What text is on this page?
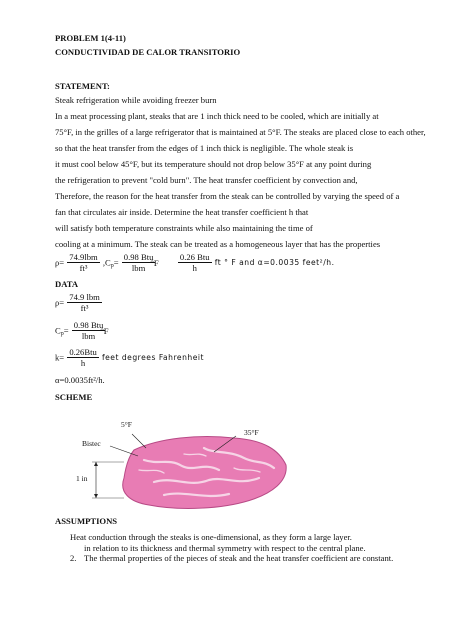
PROBLEM 1(4-11)
CONDUCTIVIDAD DE CALOR TRANSITORIO
STATEMENT:
Steak refrigeration while avoiding freezer burn
In a meat processing plant, steaks that are 1 inch thick need to be cooled, which are initially at
75°F, in the grilles of a large refrigerator that is maintained at 5°F. The steaks are placed close to each other,
so that the heat transfer from the edges of 1 inch thick is negligible. The whole steak is
it must cool below 45°F, but its temperature should not drop below 35°F at any point during
the refrigeration to prevent "cold burn". The heat transfer coefficient by convection and,
Therefore, the reason for the heat transfer from the steak can be controlled by varying the speed of a
fan that circulates air inside. Determine the heat transfer coefficient h that
will satisfy both temperature constraints while also maintaining the time of
cooling at a minimum. The steak can be treated as a homogeneous layer that has the properties
$\rho= \frac{\text{74.9lbm}}{\text{ft³}} ,C_p= \frac{\text{0.98 Btu}}{\text{lbm}}$
$^\circ F \frac{\text{0.26 Btu}}{h}$ ft ° F and α=0.0035 feet²/h.
DATA
$\rho= \frac{\text{74.9 lbm}}{\text{ft³}}$
$C_p= \frac{\text{0.98 Btu}}{\text{lbm}}$
°F
$k= \frac{\text{0.26Btu}}{h}$ feet degrees Fahrenheit
α=0.0035ft²/h.
SCHEME
5°F
35°F
Bistec
1 in
ASSUMPTIONS
Heat conduction through the steaks is one-dimensional, as they form a large layer.
in relation to its thickness and thermal symmetry with respect to the central plane.
2. The thermal properties of the pieces of steak and the heat transfer coefficient are constant.
